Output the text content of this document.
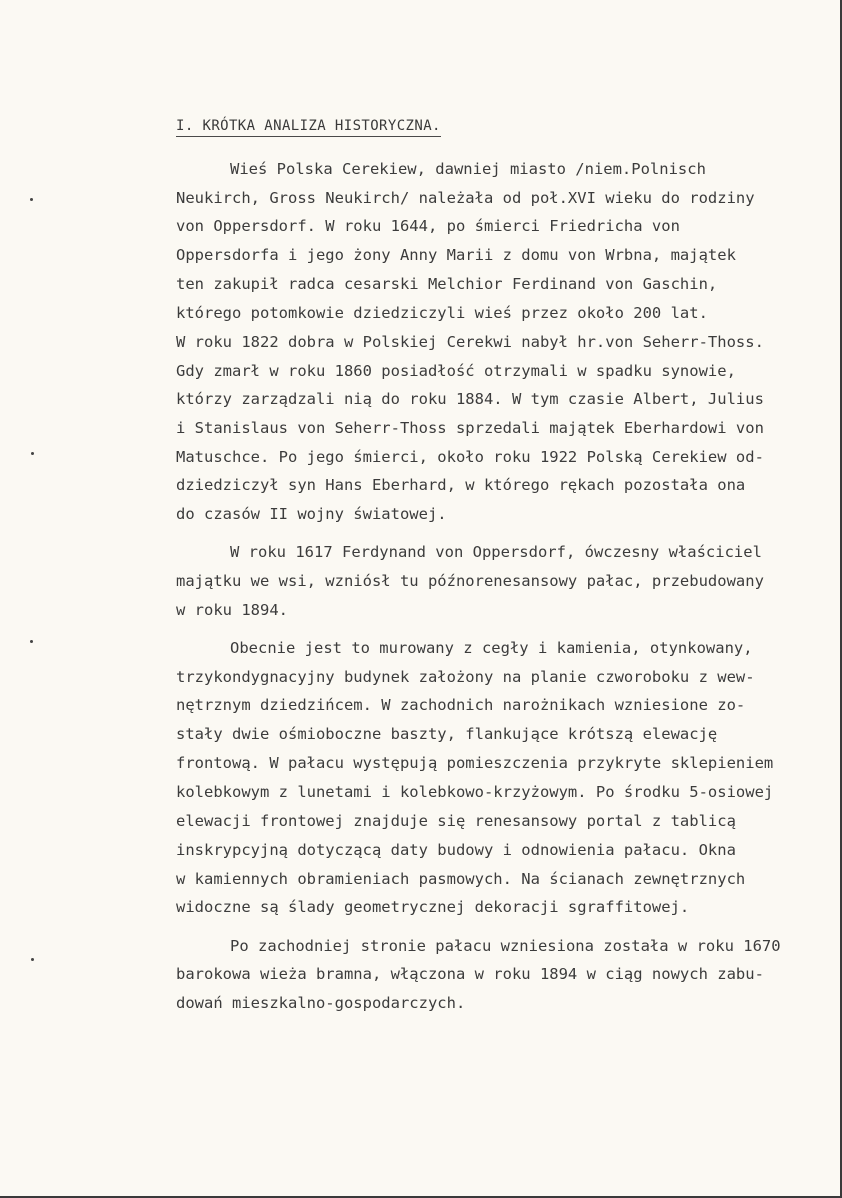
I. KRÓTKA ANALIZA HISTORYCZNA.

Wieś Polska Cerekiew, dawniej miasto /niem.Polnisch

Neukirch, Gross Neukirch/ należała od poł.XVI wieku do rodziny

von Oppersdorf. W roku 1644, po śmierci Friedricha von

Oppersdorfa i jego żony Anny Marii z domu von Wrbna, majątek

ten zakupił radca cesarski Melchior Ferdinand von Gaschin,

którego potomkowie dziedziczyli wieś przez około 200 lat.

W roku 1822 dobra w Polskiej Cerekwi nabył hr.von Seherr-Thoss.

Gdy zmarł w roku 1860 posiadłość otrzymali w spadku synowie,

którzy zarządzali nią do roku 1884. W tym czasie Albert, Julius

i Stanislaus von Seherr-Thoss sprzedali majątek Eberhardowi von

Matuschce. Po jego śmierci, około roku 1922 Polską Cerekiew od-

dziedziczył syn Hans Eberhard, w którego rękach pozostała ona

do czasów II wojny światowej.

W roku 1617 Ferdynand von Oppersdorf, ówczesny właściciel

majątku we wsi, wzniósł tu późnorenesansowy pałac, przebudowany

w roku 1894.

Obecnie jest to murowany z cegły i kamienia, otynkowany,

trzykondygnacyjny budynek założony na planie czworoboku z wew-

nętrznym dziedzińcem. W zachodnich narożnikach wzniesione zo-

stały dwie ośmioboczne baszty, flankujące krótszą elewację

frontową. W pałacu występują pomieszczenia przykryte sklepieniem

kolebkowym z lunetami i kolebkowo-krzyżowym. Po środku 5-osiowej

elewacji frontowej znajduje się renesansowy portal z tablicą

inskrypcyjną dotyczącą daty budowy i odnowienia pałacu. Okna

w kamiennych obramieniach pasmowych. Na ścianach zewnętrznych

widoczne są ślady geometrycznej dekoracji sgraffitowej.

Po zachodniej stronie pałacu wzniesiona została w roku 1670

barokowa wieża bramna, włączona w roku 1894 w ciąg nowych zabu-

dowań mieszkalno-gospodarczych.
